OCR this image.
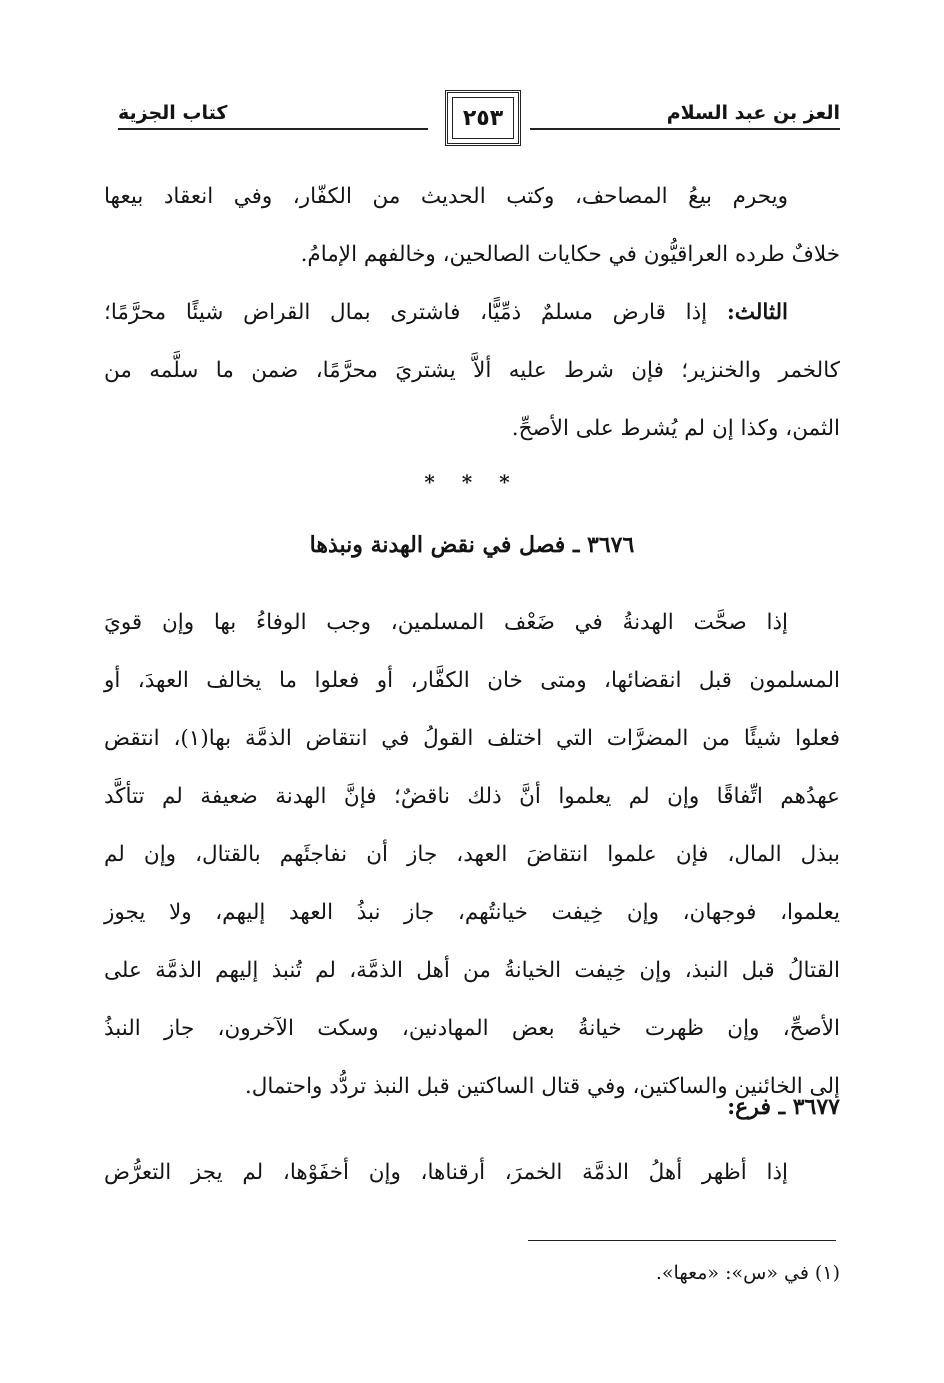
العز بن عبد السلام
٢٥٣
كتاب الجزية
ويحرم بيعُ المصاحف، وكتب الحديث من الكفّار، وفي انعقاد بيعها
خلافٌ طرده العراقيُّون في حكايات الصالحين، وخالفهم الإمامُ.
الثالث: إذا قارض مسلمٌ ذمِّيًّا، فاشترى بمال القراض شيئًا محرَّمًا؛
كالخمر والخنزير؛ فإن شرط عليه ألاَّ يشتريَ محرَّمًا، ضمن ما سلَّمه من
الثمن، وكذا إن لم يُشرط على الأصحِّ.
* * *
٣٦٧٦ ـ فصل في نقض الهدنة ونبذها
إذا صحَّت الهدنةُ في ضَعْف المسلمين، وجب الوفاءُ بها وإن قويَ
المسلمون قبل انقضائها، ومتى خان الكفَّار، أو فعلوا ما يخالف العهدَ، أو
فعلوا شيئًا من المضرَّات التي اختلف القولُ في انتقاض الذمَّة بها(١)، انتقض
عهدُهم اتِّفاقًا وإن لم يعلموا أنَّ ذلك ناقضٌ؛ فإنَّ الهدنة ضعيفة لم تتأكَّد
ببذل المال، فإن علموا انتقاضَ العهد، جاز أن نفاجئَهم بالقتال، وإن لم
يعلموا، فوجهان، وإن خِيفت خيانتُهم، جاز نبذُ العهد إليهم، ولا يجوز
القتالُ قبل النبذ، وإن خِيفت الخيانةُ من أهل الذمَّة، لم تُنبذ إليهم الذمَّة على
الأصحِّ، وإن ظهرت خيانةُ بعض المهادنين، وسكت الآخرون، جاز النبذُ
إلى الخائنين والساكتين، وفي قتال الساكتين قبل النبذ تردُّد واحتمال.
٣٦٧٧ ـ فرع:
إذا أظهر أهلُ الذمَّة الخمرَ، أرقناها، وإن أخفَوْها، لم يجز التعرُّض
(١) في «س»: «معها».
